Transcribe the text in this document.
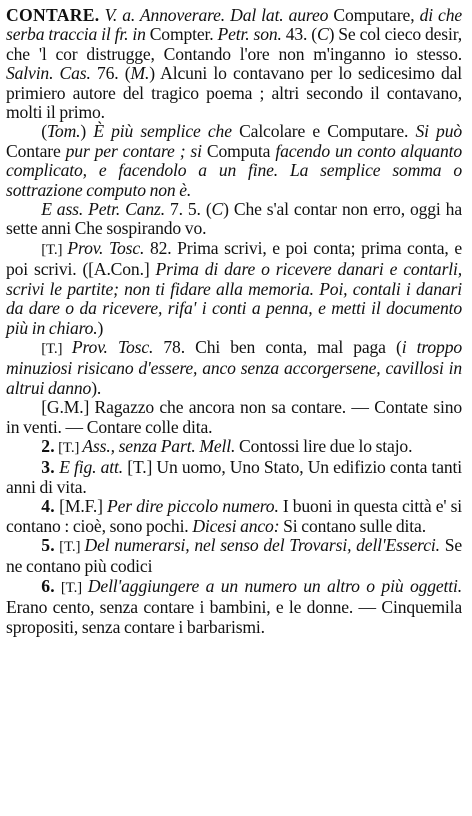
CONTARE. V. a. Annoverare. Dal lat. aureo Computare, di che serba traccia il fr. in Compter. Petr. son. 43. (C) Se col cieco desir, che 'l cor distrugge, Contando l'ore non m'inganno io stesso. Salvin. Cas. 76. (M.) Alcuni lo contavano per lo sedicesimo dal primiero autore del tragico poema ; altri secondo il contavano, molti il primo.

(Tom.) È più semplice che Calcolare e Computare. Si può Contare pur per contare ; si Computa facendo un conto alquanto complicato, e facendolo a un fine. La semplice somma o sottrazione computo non è.

E ass. Petr. Canz. 7. 5. (C) Che s'al contar non erro, oggi ha sette anni Che sospirando vo.

[T.] Prov. Tosc. 82. Prima scrivi, e poi conta; prima conta, e poi scrivi. ([A.Con.] Prima di dare o ricevere danari e contarli, scrivi le partite; non ti fidare alla memoria. Poi, contali i danari da dare o da ricevere, rifa' i conti a penna, e metti il documento più in chiaro.)

[T.] Prov. Tosc. 78. Chi ben conta, mal paga (i troppo minuziosi risicano d'essere, anco senza accorgersene, cavillosi in altrui danno).

[G.M.] Ragazzo che ancora non sa contare. — Contate sino in venti. — Contare colle dita.

2. [T.] Ass., senza Part. Mell. Contossi lire due lo stajo.

3. E fig. att. [T.] Un uomo, Uno Stato, Un edifizio conta tanti anni di vita.

4. [M.F.] Per dire piccolo numero. I buoni in questa città e' si contano : cioè, sono pochi. Dicesi anco: Si contano sulle dita.

5. [T.] Del numerarsi, nel senso del Trovarsi, dell'Esserci. Se ne contano più codici

6. [T.] Dell'aggiungere a un numero un altro o più oggetti. Erano cento, senza contare i bambini, e le donne. — Cinquemila spropositi, senza contare i barbarismi.
